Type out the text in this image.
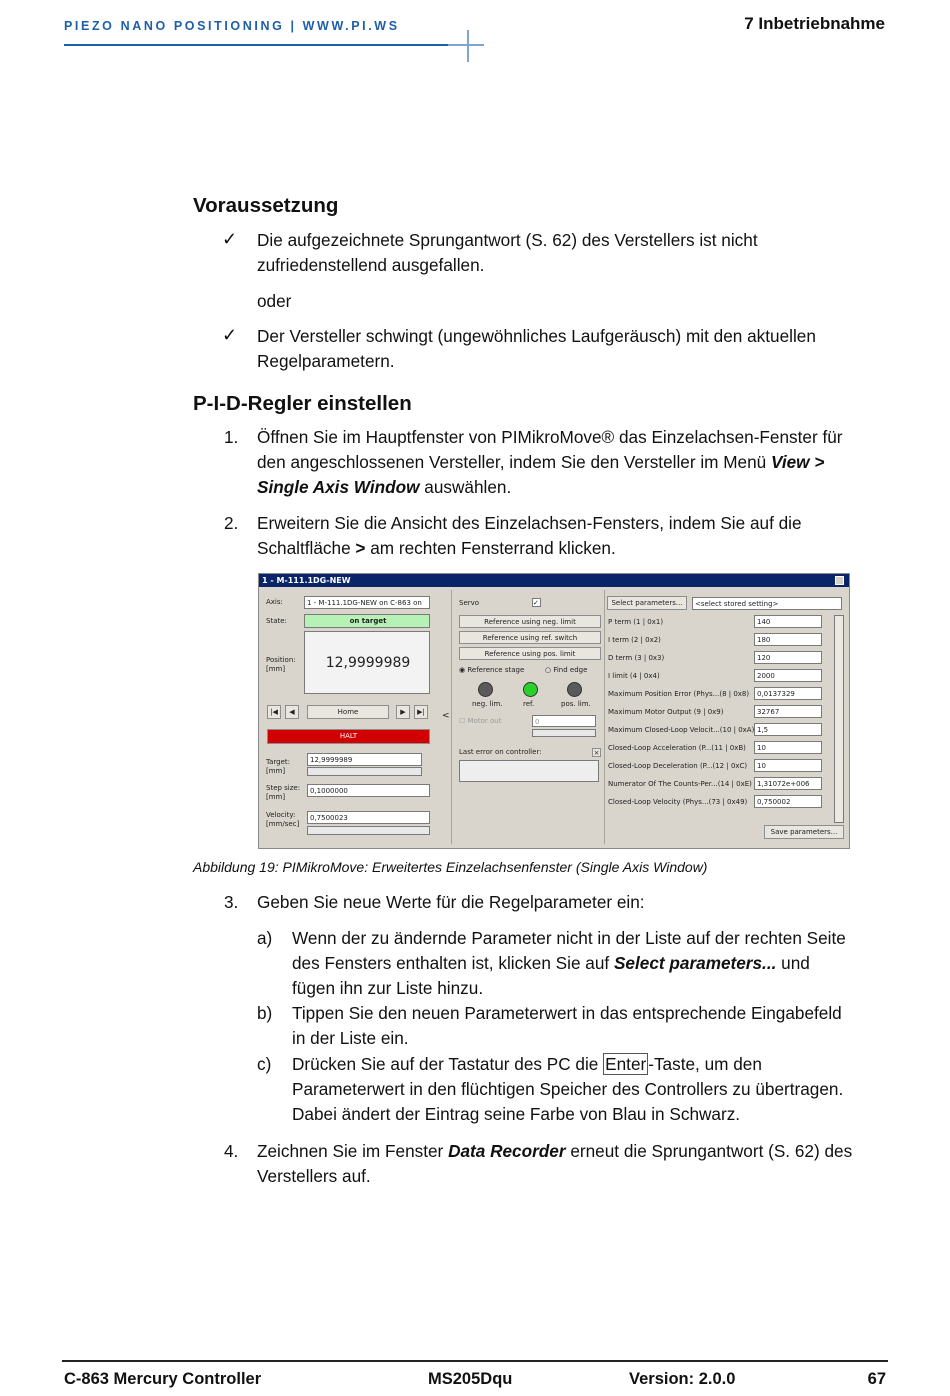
PIEZO NANO POSITIONING | WWW.PI.WS	7 Inbetriebnahme
Voraussetzung
✓ Die aufgezeichnete Sprungantwort (S. 62) des Verstellers ist nicht
zufriedenstellend ausgefallen.
oder
✓ Der Versteller schwingt (ungewöhnliches Laufgeräusch) mit den aktuellen
Regelparametern.
P-I-D-Regler einstellen
1.	Öffnen Sie im Hauptfenster von PIMikroMove® das Einzelachsen-Fenster für
den angeschlossenen Versteller, indem Sie den Versteller im Menü View >
Single Axis Window auswählen.
2.	Erweitern Sie die Ansicht des Einzelachsen-Fensters, indem Sie auf die
Schaltfläche > am rechten Fensterrand klicken.
1 - M-111.1DG-NEW
Axis:	1 - M-111.1DG-NEW on C-863 on
State:	on target
Position:
[mm]	12,9999989
|◀	◀	Home	▶	▶|
HALT
Target:
[mm]
12,9999989
Step size:
[mm]
0,1000000
Velocity:
[mm/sec]
0,7500023
<
Servo	✓
Reference using neg. limit
Reference using ref. switch
Reference using pos. limit
◉ Reference stage	○ Find edge
neg. lim.	ref.	pos. lim.
☐ Motor out	0
Last error on controller:	×
Select parameters...	<select stored setting>
P term (1 | 0x1)	140
I term (2 | 0x2)	180
D term (3 | 0x3)	120
I limit (4 | 0x4)	2000
Maximum Position Error (Phys...(8 | 0x8)	0,0137329
Maximum Motor Output (9 | 0x9)	32767
Maximum Closed-Loop Velocit...(10 | 0xA) 1,5
Closed-Loop Acceleration (P...(11 | 0xB)	10
Closed-Loop Deceleration (P...(12 | 0xC)	10
Numerator Of The Counts-Per...(14 | 0xE) 1,31072e+006
Closed-Loop Velocity (Phys...(73 | 0x49)	0,750002
Save parameters...
Abbildung 19: PIMikroMove: Erweitertes Einzelachsenfenster (Single Axis Window)
3.	Geben Sie neue Werte für die Regelparameter ein:
a) Wenn der zu ändernde Parameter nicht in der Liste auf der rechten Seite
des Fensters enthalten ist, klicken Sie auf Select parameters... und
fügen ihn zur Liste hinzu.
b) Tippen Sie den neuen Parameterwert in das entsprechende Eingabefeld
in der Liste ein.
c) Drücken Sie auf der Tastatur des PC die Enter -Taste, um den
Parameterwert in den flüchtigen Speicher des Controllers zu übertragen.
Dabei ändert der Eintrag seine Farbe von Blau in Schwarz.
4.	Zeichnen Sie im Fenster Data Recorder erneut die Sprungantwort (S. 62) des
Verstellers auf.
C-863 Mercury Controller	MS205Dqu	Version: 2.0.0	67
